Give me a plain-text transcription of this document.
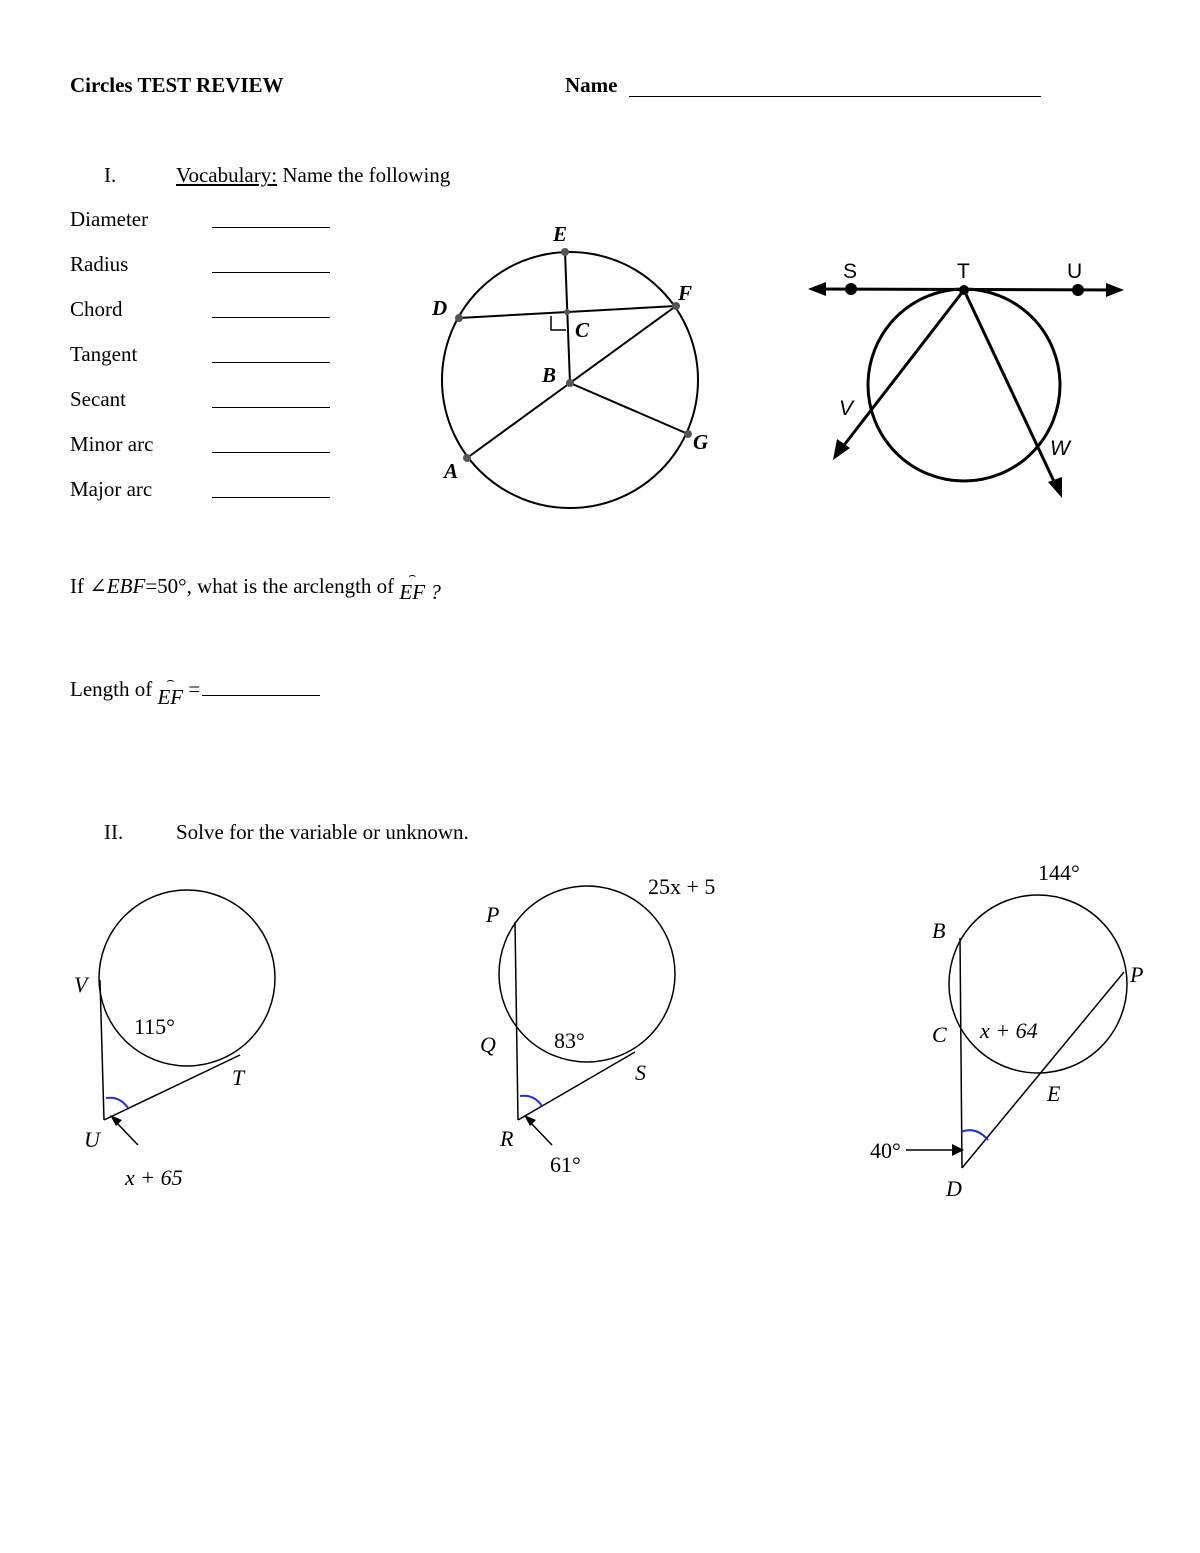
Circles TEST REVIEW	Name
I.	Vocabulary: Name the following
Diameter
Radius
Chord
Tangent
Secant
Minor arc
Major arc
E
D
F
C
B
G
A
S	T	U
V
W
If ∠EBF=50°, what is the arclength of ⌢
EF ?
Length of ⌢
EF =
II.	Solve for the variable or unknown.
V
U
T
115°
x + 65
P
Q
R
S
25x + 5
83°
61°
144°
B
P
C x + 64
E
40°
D
